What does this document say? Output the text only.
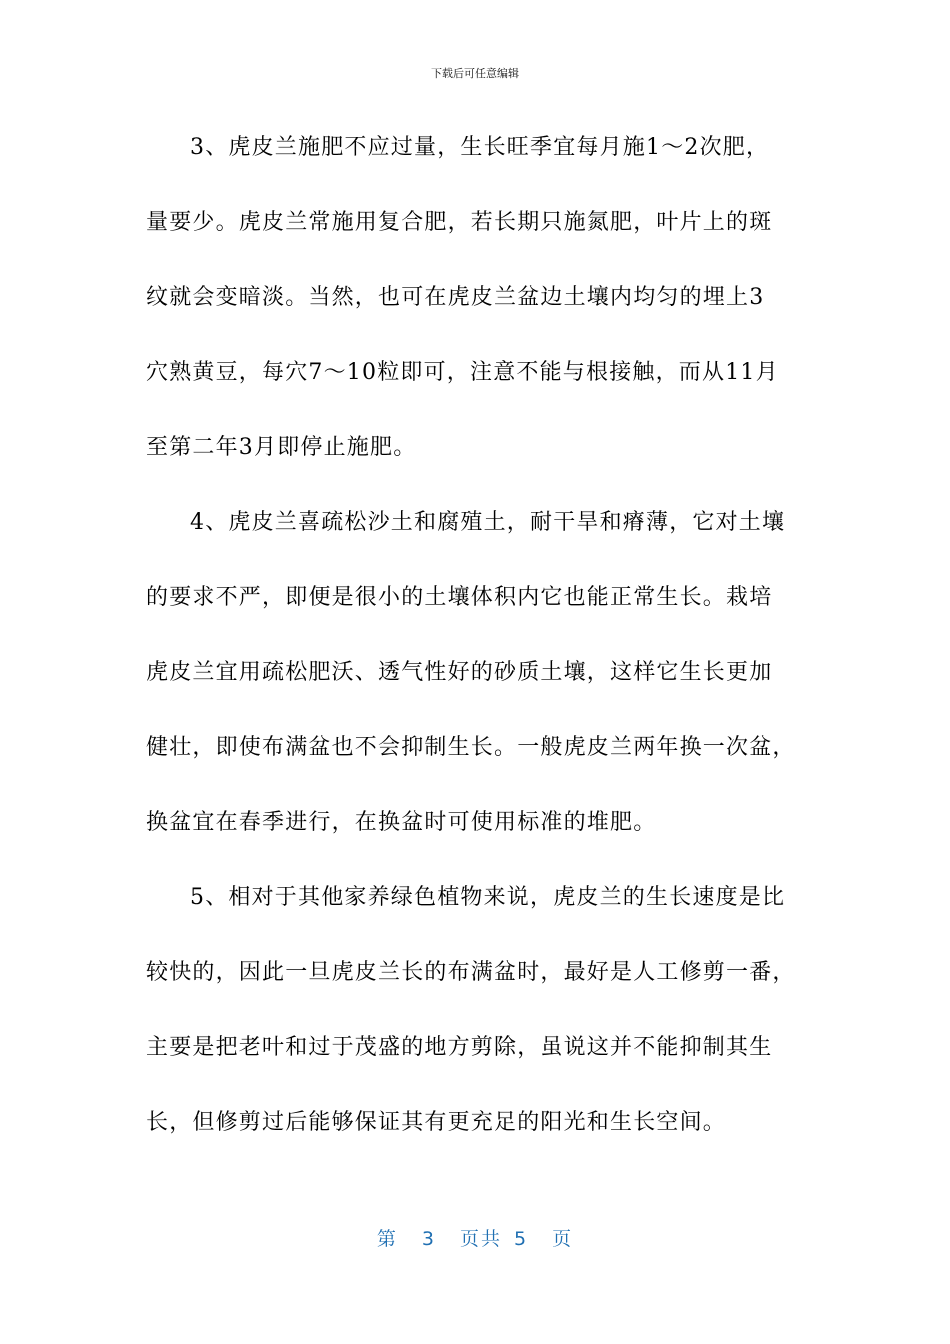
下载后可任意编辑

3、虎皮兰施肥不应过量，生长旺季宜每月施1～2次肥，
量要少。虎皮兰常施用复合肥，若长期只施氮肥，叶片上的斑
纹就会变暗淡。当然，也可在虎皮兰盆边土壤内均匀的埋上3
穴熟黄豆，每穴7～10粒即可，注意不能与根接触，而从11月
至第二年3月即停止施肥。

4、虎皮兰喜疏松沙土和腐殖土，耐干旱和瘠薄，它对土壤
的要求不严，即便是很小的土壤体积内它也能正常生长。栽培
虎皮兰宜用疏松肥沃、透气性好的砂质土壤，这样它生长更加
健壮，即使布满盆也不会抑制生长。一般虎皮兰两年换一次盆，
换盆宜在春季进行，在换盆时可使用标准的堆肥。

5、相对于其他家养绿色植物来说，虎皮兰的生长速度是比
较快的，因此一旦虎皮兰长的布满盆时，最好是人工修剪一番，
主要是把老叶和过于茂盛的地方剪除，虽说这并不能抑制其生
长，但修剪过后能够保证其有更充足的阳光和生长空间。

第 3 页共 5 页
